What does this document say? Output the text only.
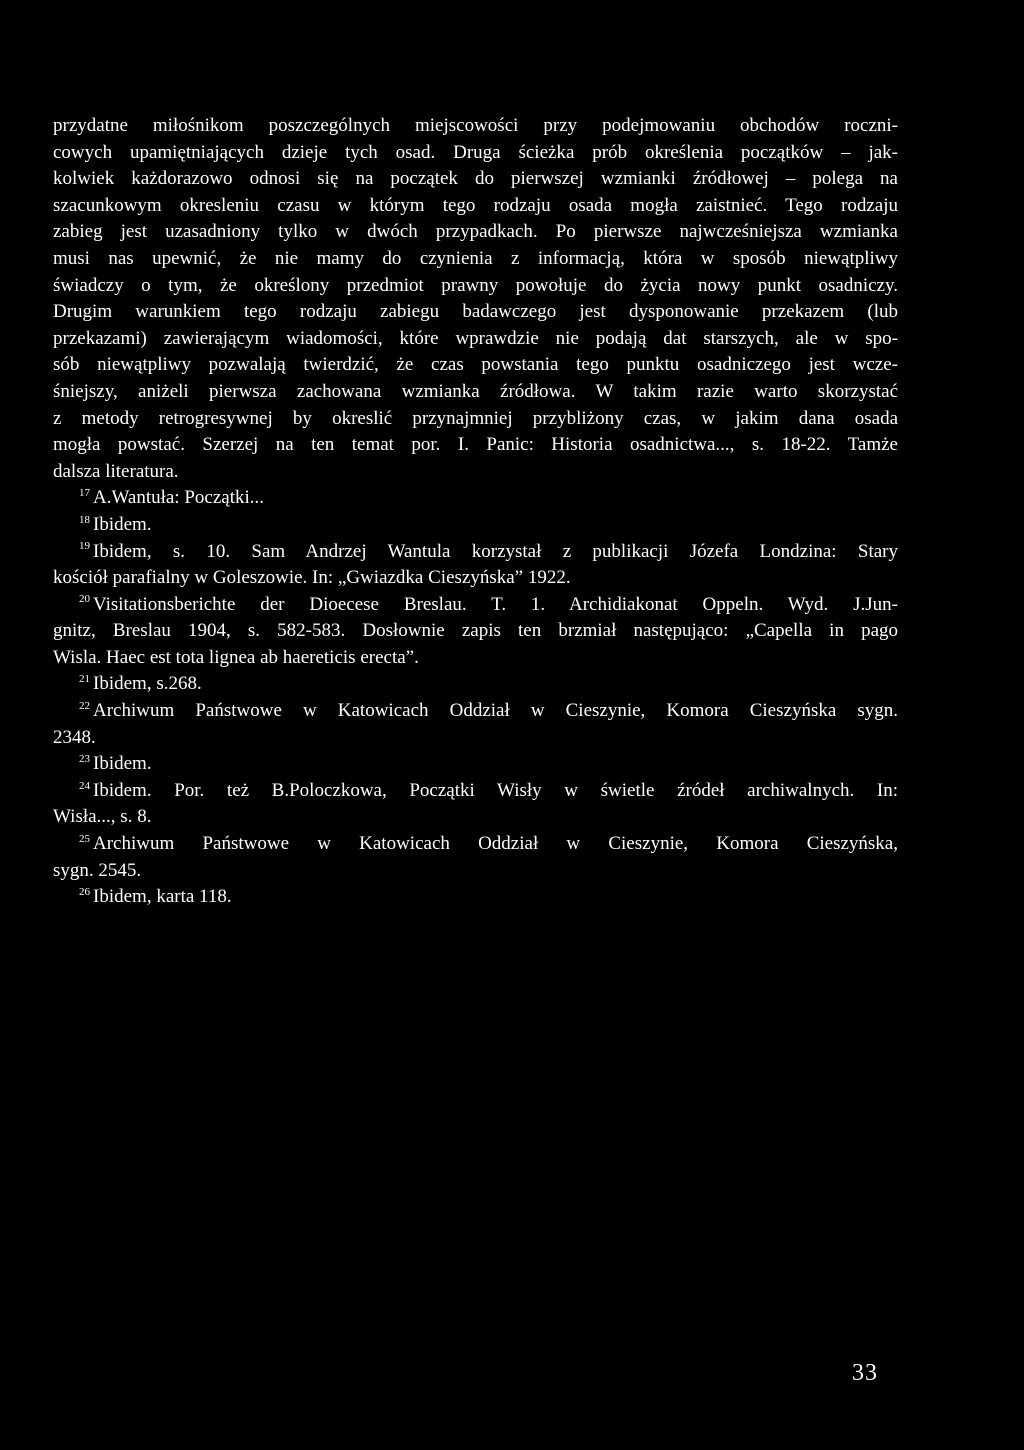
przydatne miłośnikom poszczególnych miejscowości przy podejmowaniu obchodów roczni-
cowych upamiętniających dzieje tych osad. Druga ścieżka prób określenia początków – jak-
kolwiek każdorazowo odnosi się na początek do pierwszej wzmianki źródłowej – polega na
szacunkowym okresleniu czasu w którym tego rodzaju osada mogła zaistnieć. Tego rodzaju
zabieg jest uzasadniony tylko w dwóch przypadkach. Po pierwsze najwcześniejsza wzmianka
musi nas upewnić, że nie mamy do czynienia z informacją, która w sposób niewątpliwy
świadczy o tym, że określony przedmiot prawny powołuje do życia nowy punkt osadniczy.
Drugim warunkiem tego rodzaju zabiegu badawczego jest dysponowanie przekazem (lub
przekazami) zawierającym wiadomości, które wprawdzie nie podają dat starszych, ale w spo-
sób niewątpliwy pozwalają twierdzić, że czas powstania tego punktu osadniczego jest wcze-
śniejszy, aniżeli pierwsza zachowana wzmianka źródłowa. W takim razie warto skorzystać
z metody retrogresywnej by okreslić przynajmniej przybliżony czas, w jakim dana osada
mogła powstać. Szerzej na ten temat por. I. Panic: Historia osadnictwa..., s. 18-22. Tamże
dalsza literatura.
$^{17}$ A.Wantuła: Początki...
$^{18}$ Ibidem.
$^{19}$ Ibidem, s. 10. Sam Andrzej Wantula korzystał z publikacji Józefa Londzina: Stary
kościół parafialny w Goleszowie. In: „Gwiazdka Cieszyńska” 1922.
$^{20}$ Visitationsberichte der Dioecese Breslau. T. 1. Archidiakonat Oppeln. Wyd. J.Jun-
gnitz, Breslau 1904, s. 582-583. Dosłownie zapis ten brzmiał następująco: „Capella in pago
Wisla. Haec est tota lignea ab haereticis erecta”.
$^{21}$ Ibidem, s.268.
$^{22}$ Archiwum Państwowe w Katowicach Oddział w Cieszynie, Komora Cieszyńska sygn.
2348.
$^{23}$ Ibidem.
$^{24}$ Ibidem. Por. też B.Poloczkowa, Początki Wisły w świetle źródeł archiwalnych. In:
Wisła..., s. 8.
$^{25}$ Archiwum Państwowe w Katowicach Oddział w Cieszynie, Komora Cieszyńska,
sygn. 2545.
$^{26}$ Ibidem, karta 118.
33
